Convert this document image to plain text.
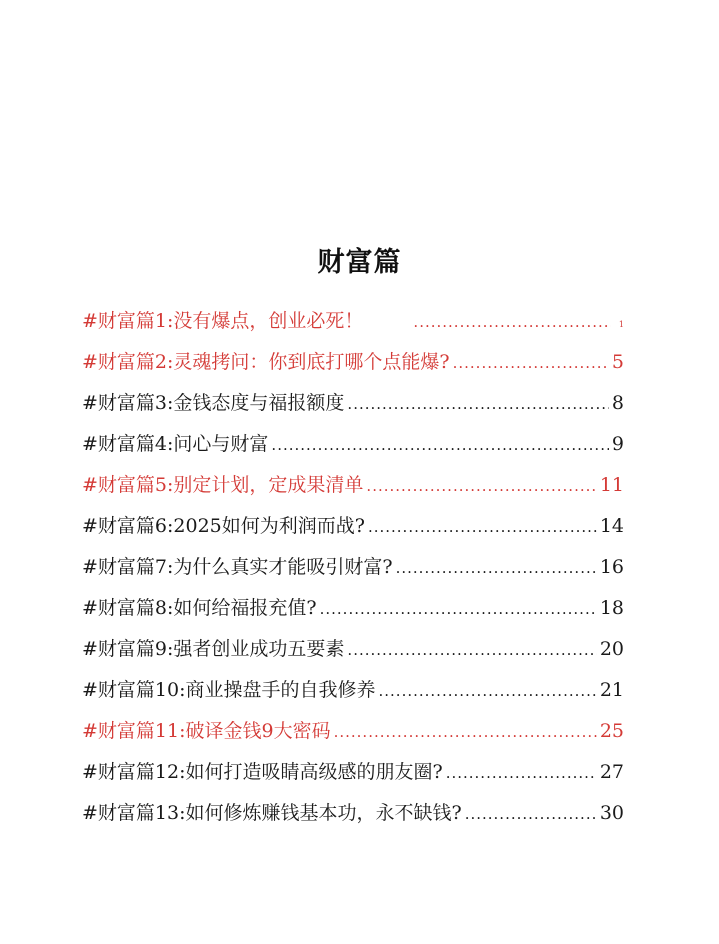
财富篇
#财富篇1:没有爆点，创业必死！ .....	1
#财富篇2:灵魂拷问：你到底打哪个点能爆? .....	5
#财富篇3:金钱态度与福报额度 .....	8
#财富篇4:问心与财富 .....	9
#财富篇5:别定计划，定成果清单 .....	11
#财富篇6:2025如何为利润而战? .....	14
#财富篇7:为什么真实才能吸引财富? .....	16
#财富篇8:如何给福报充值? .....	18
#财富篇9:强者创业成功五要素 .....	20
#财富篇10:商业操盘手的自我修养 .....	21
#财富篇11:破译金钱9大密码 .....	25
#财富篇12:如何打造吸睛高级感的朋友圈? .....	27
#财富篇13:如何修炼赚钱基本功，永不缺钱? .....	30
